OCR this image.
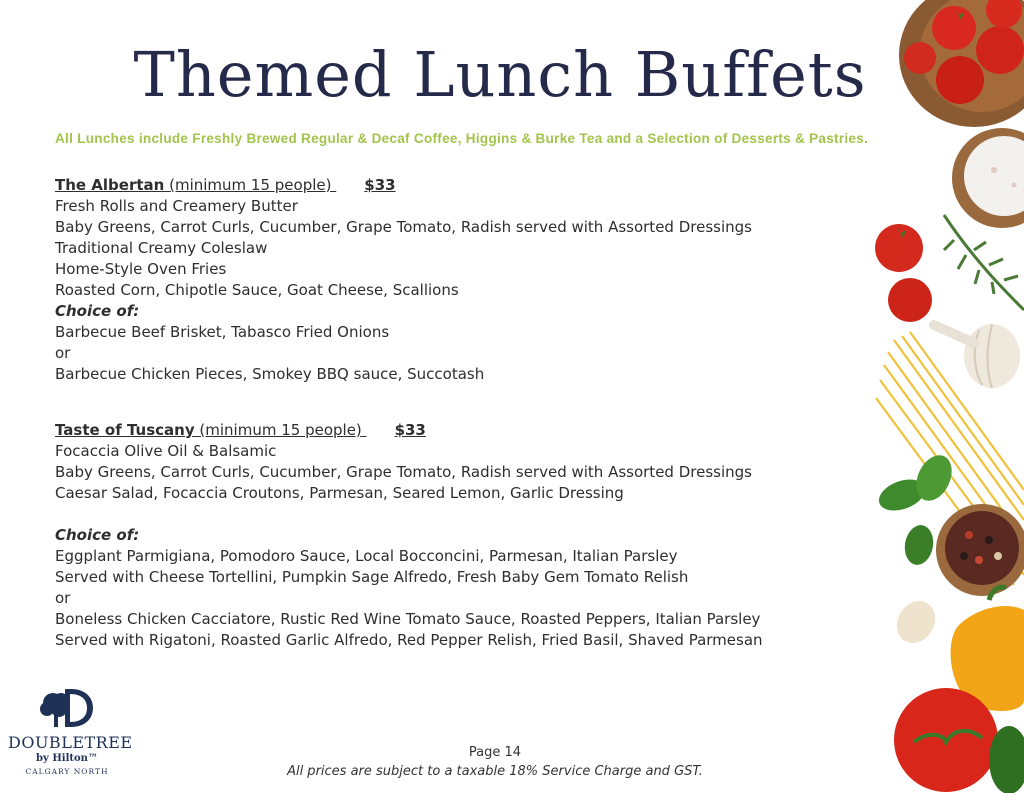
Themed Lunch Buffets
All Lunches include Freshly Brewed Regular & Decaf Coffee, Higgins & Burke Tea and a Selection of Desserts & Pastries.
The Albertan (minimum 15 people) $33
Fresh Rolls and Creamery Butter
Baby Greens, Carrot Curls, Cucumber, Grape Tomato, Radish served with Assorted Dressings
Traditional Creamy Coleslaw
Home-Style Oven Fries
Roasted Corn, Chipotle Sauce, Goat Cheese, Scallions
Choice of:
Barbecue Beef Brisket, Tabasco Fried Onions
or
Barbecue Chicken Pieces, Smokey BBQ sauce, Succotash
Taste of Tuscany (minimum 15 people) $33
Focaccia Olive Oil & Balsamic
Baby Greens, Carrot Curls, Cucumber, Grape Tomato, Radish served with Assorted Dressings
Caesar Salad, Focaccia Croutons, Parmesan, Seared Lemon, Garlic Dressing
Choice of:
Eggplant Parmigiana, Pomodoro Sauce, Local Bocconcini, Parmesan, Italian Parsley
Served with Cheese Tortellini, Pumpkin Sage Alfredo, Fresh Baby Gem Tomato Relish
or
Boneless Chicken Cacciatore, Rustic Red Wine Tomato Sauce, Roasted Peppers, Italian Parsley
Served with Rigatoni, Roasted Garlic Alfredo, Red Pepper Relish, Fried Basil, Shaved Parmesan
DOUBLETREE
by Hilton™
CALGARY NORTH
Page 14
All prices are subject to a taxable 18% Service Charge and GST.
